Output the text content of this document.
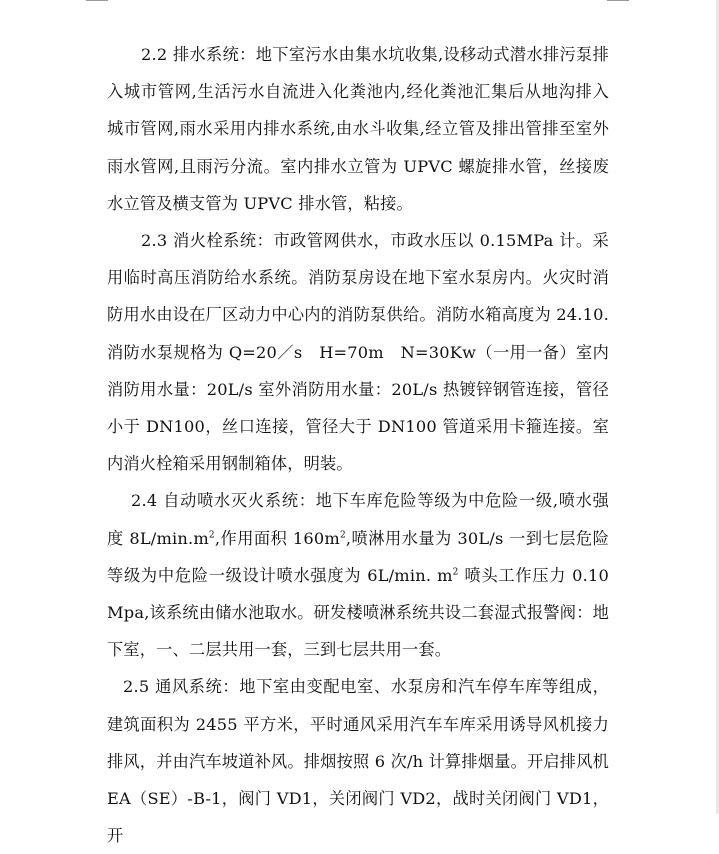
2.2 排水系统：地下室污水由集水坑收集,设移动式潜水排污泵排入城市管网,生活污水自流进入化粪池内,经化粪池汇集后从地沟排入城市管网,雨水采用内排水系统,由水斗收集,经立管及排出管排至室外雨水管网,且雨污分流。室内排水立管为 UPVC 螺旋排水管，丝接废水立管及横支管为 UPVC 排水管，粘接。

2.3 消火栓系统：市政管网供水，市政水压以 0.15MPa 计。采用临时高压消防给水系统。消防泵房设在地下室水泵房内。火灾时消防用水由设在厂区动力中心内的消防泵供给。消防水箱高度为 24.10.消防水泵规格为 Q=20／s　H=70m　N=30Kw（一用一备）室内消防用水量：20L/s 室外消防用水量：20L/s 热镀锌钢管连接，管径小于 DN100，丝口连接，管径大于 DN100 管道采用卡箍连接。室内消火栓箱采用钢制箱体，明装。

2.4 自动喷水灭火系统：地下车库危险等级为中危险一级,喷水强度 $8L/\min.m^2$,作用面积 $160m^2$,喷淋用水量为 30L/s 一到七层危险等级为中危险一级设计喷水强度为 6L/min. $m^2$ 喷头工作压力 0.10Mpa,该系统由储水池取水。研发楼喷淋系统共设二套湿式报警阀：地下室，一、二层共用一套，三到七层共用一套。

2.5 通风系统：地下室由变配电室、水泵房和汽车停车库等组成，建筑面积为 2455 平方米，平时通风采用汽车车库采用诱导风机接力排风，并由汽车坡道补风。排烟按照 6 次/h 计算排烟量。开启排风机 EA（SE）-B-1，阀门 VD1，关闭阀门 VD2，战时关闭阀门 VD1，开
